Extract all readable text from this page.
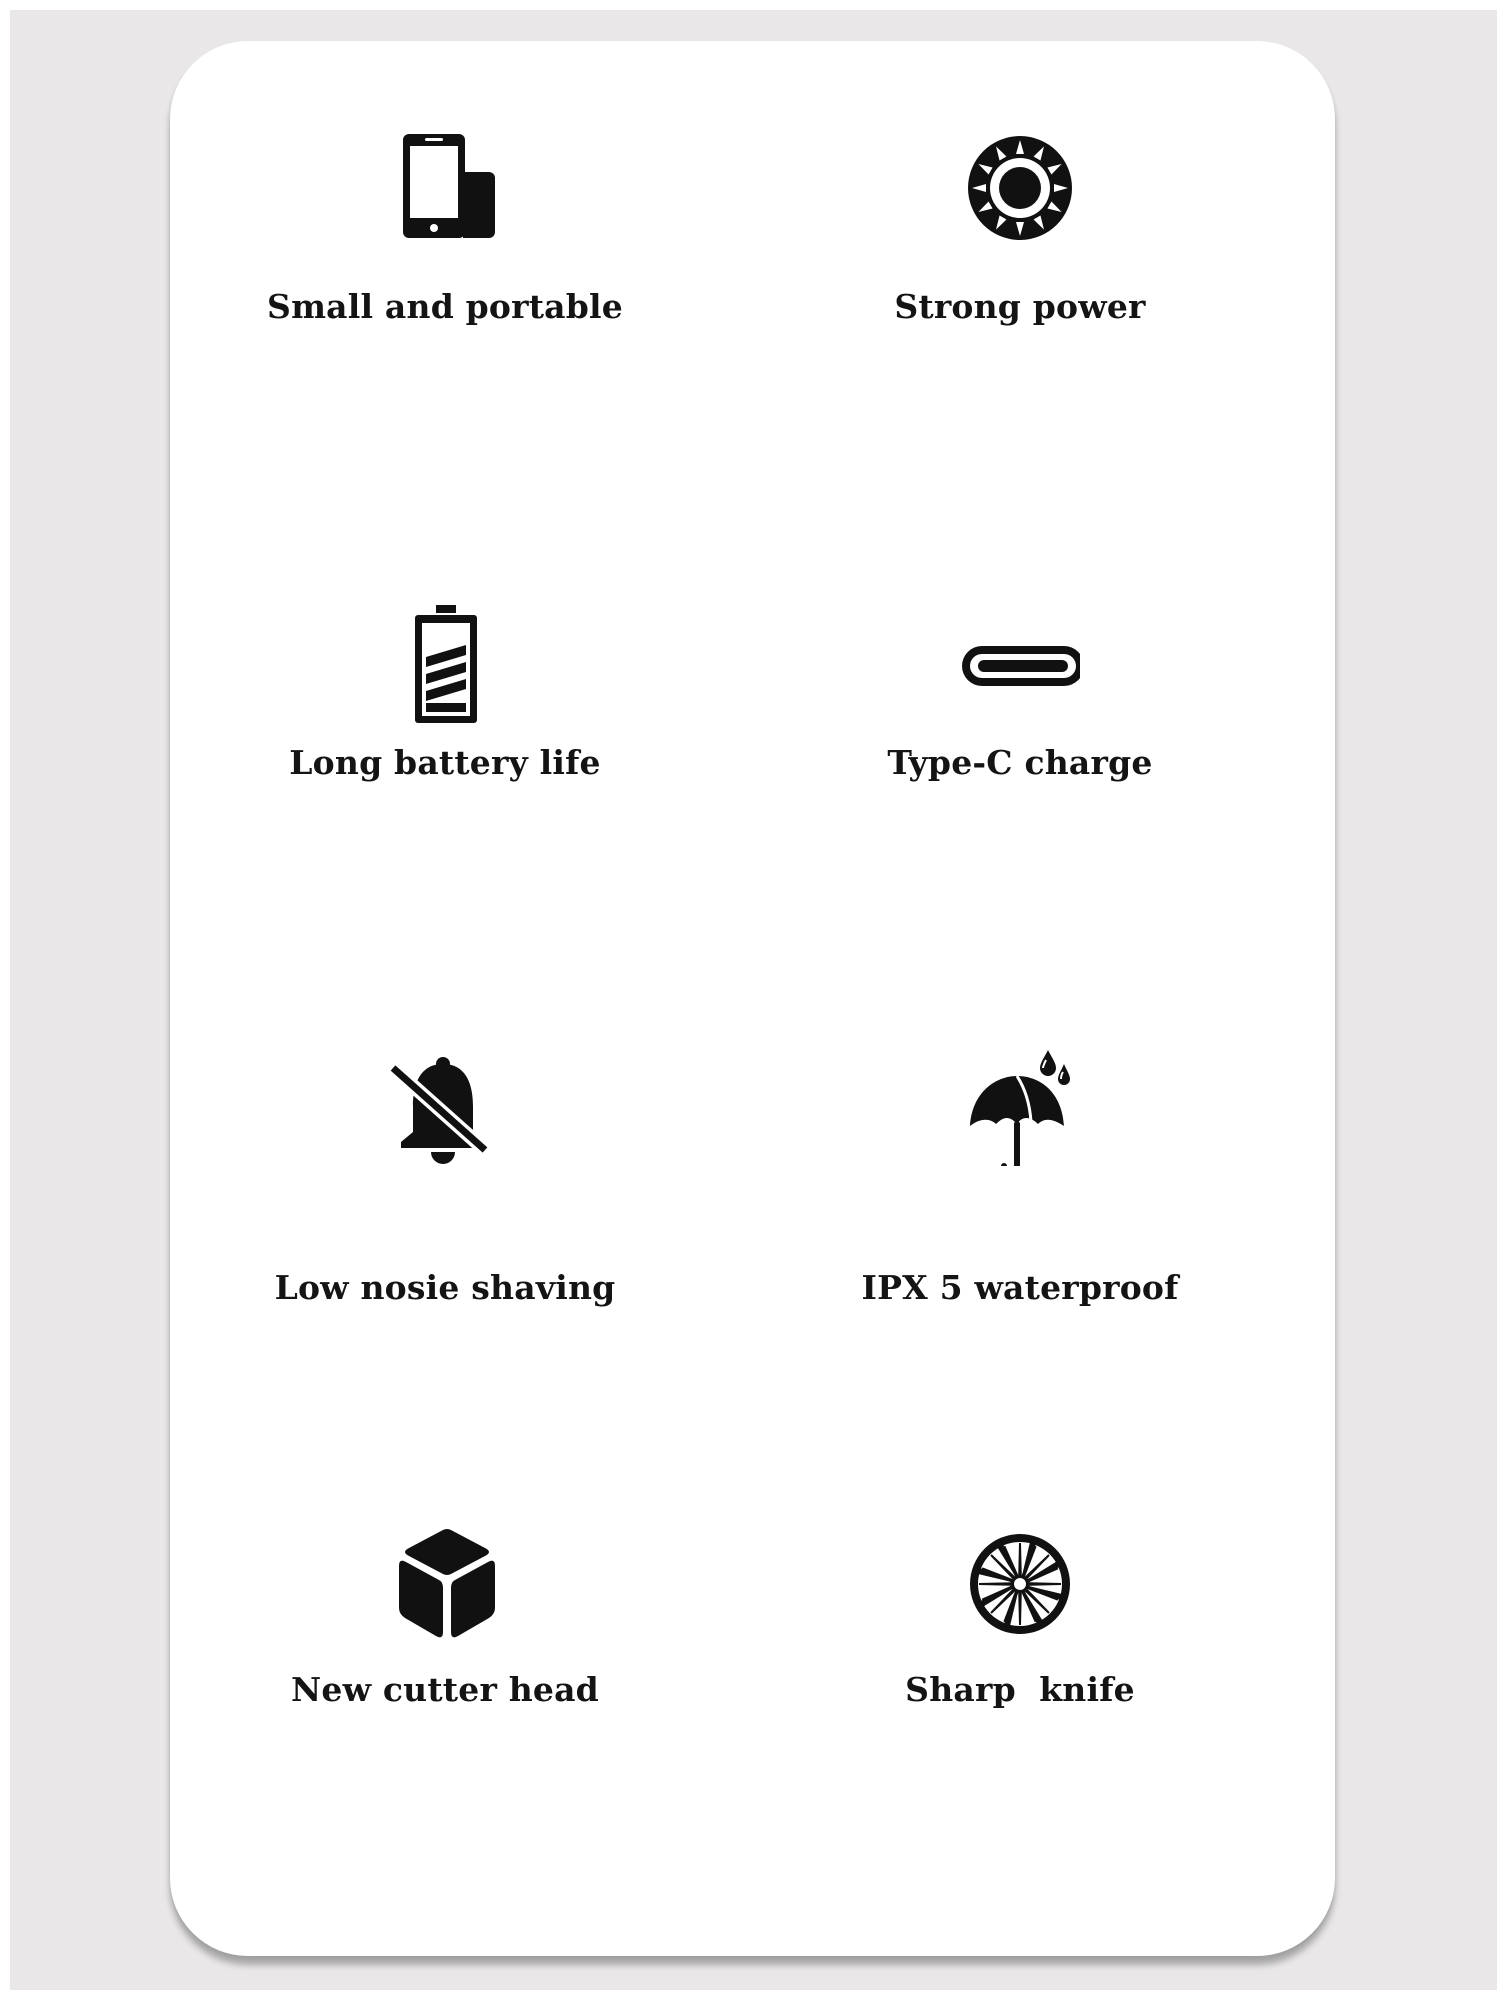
Small and portable	Strong power
Long battery life	Type-C charge
Low nosie shaving	IPX 5 waterproof
New cutter head	Sharp  knife
